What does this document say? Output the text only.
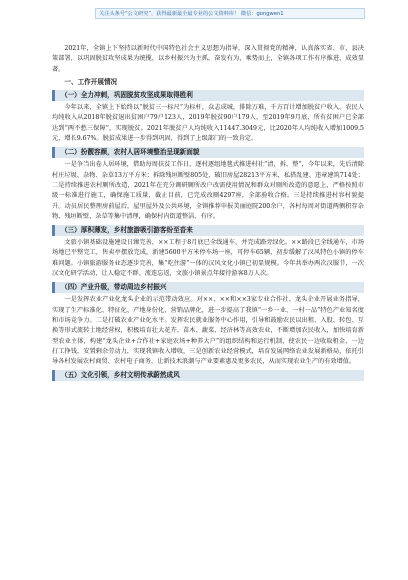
关注头条号“公文研究”，获得最新最全最专业的公文资料库！ 微信：gongwen1

2021年，全镇上下坚持以新时代中国特色社会主义思想为指导，深入贯彻党的精神，认真落实省、市、县决策部署，以巩固脱贫攻坚成果为统揽，以乡村振兴为主抓，奋发有为，乘势而上，全镇各项工作有序推进，成效显著。

一、工作开展情况

（一）全力冲刺，巩固脱贫攻坚成果取得胜利

今年以来，全镇上下始终以“脱贫三一标尺”为标杆，众志成城，排除万难，千方百计增加脱贫户收入。农民人均纯收入从2018年脱贫退出贫困户79户123人，2019年脱贫90户179人，至2019年9月底，所有贫困户已全部达到“两不愁三保障”，实现脱贫。2021年脱贫户人均纯收入11447.3049元，比2020年人均纯收入增加1009.5元，增长9.67%。脱贫成果进一步得到巩固，得到了上级部门的一致肯定。

（二）扮靓容颜，农村人居环境整治呈现新面貌

一是争当出卷人居环境，借助每周扶贫工作日，逐村逐组地毯式推进村社“清、拆、整”，今年以来，先后清除村庄垃圾、杂物、杂草13万平方米；拆除残垣断壁805处，破旧房屋28213平方米，私搭乱建、违章建筑714处；二是持续推进农村厕所改造，2021年在充分调研厕所改户改需使用情况和群众对厕所改造的意愿上，严格按照市级一标准进行施工，确保施工质量，截止目前，已完成改厕4297座，全部验收合格。三是持续推进村容村貌提升。动员居民整理房前屋后，屋里屋外及公共环境，全镇推荐申报美丽庭院200余户，各村每周对街道两侧积存杂物、残垣断壁、杂草等集中清理，确保村内街道整洁、有序。

（三）厚积薄发，乡村旅游吸引游客纷至沓来

文旅小镇基础设施建设日臻完善，××工程于8月底已全线通车，并完成路旁绿化。××路段已全线通车，市场场地已平整完工，售卖亭摆放完成，新建5600平方米停车场一座，可停车65辆，初步缓解了汉风特色小镇的停车难问题。小镇旅游服务业态逐步完善，集“吃住游”一体的汉风文化小镇已初显规模。今年共举办两次汉服节，一次汉文化研学活动，让人稳定不群、流连忘返，文旅小镇景点年接待游客8万人次。

（四）产业升级，带动周边乡村振兴

一是发挥农业产业化龙头企业的示范带动效应。对××、××和××3家专业合作社、龙头企业开展业务指导，实现了生产标准化、特征化、产地身份化、营销品牌化，进一步提高了我镇“一乡一业、一村一品”特色产业知名度和市场竞争力。二是打破农业产业化水平。发挥农民就业服务中心作用，引导和鼓励农民以出租、入股、转包、互换等形式流转土地经营权，积极培育壮大花卉、苗木、蔬菜、经济林等高效农业，不断增加农民收入，加快培育新型农业主体，构建“龙头企业+合作社+家庭农场+种养大户”的组织结构和运行机制，使农民一边收取租金，一边打工挣钱，安置剩余劳动力，实现我镇收入增收，三是创新农业经营模式，培育发展网络农业发展新格局，依托引导各村发展农村商贸、农村电子商务，让新技术浪潮与产业要素惠及更多农民，从而实现农业生产的有效增值。

（五）文化引领，乡村文明传承蔚然成风
